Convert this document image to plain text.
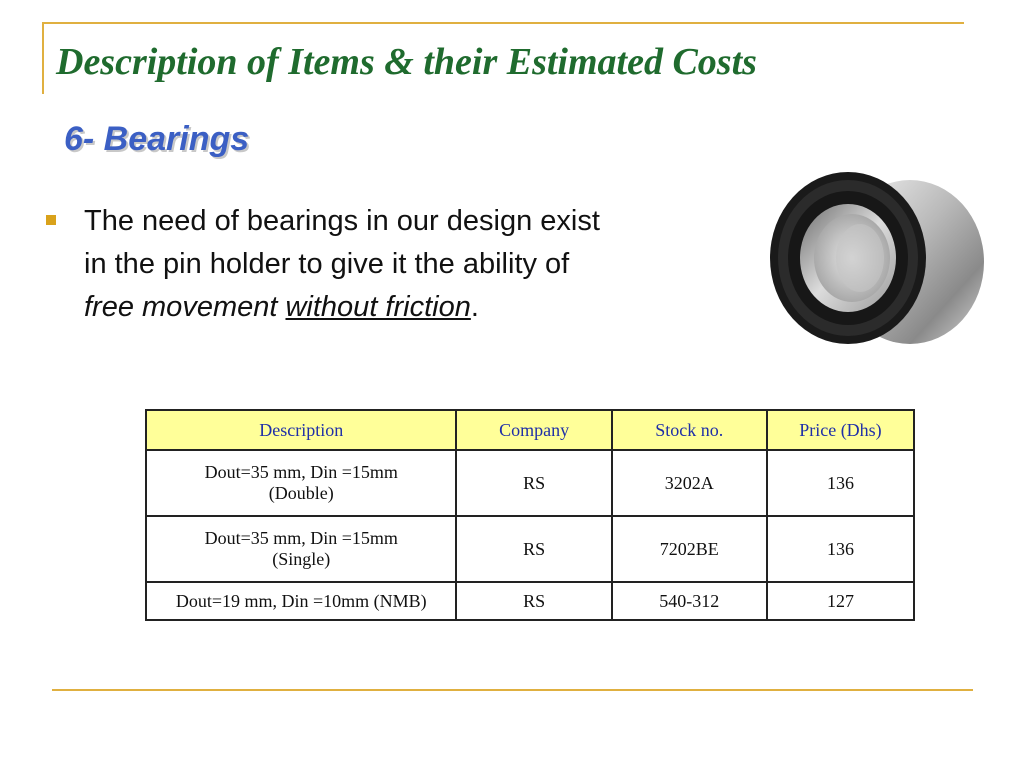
Description of Items & their Estimated Costs
6- Bearings
The need of bearings in our design exist
in the pin holder to give it the ability of
free movement without friction.
Description	Company	Stock no.	Price (Dhs)

Dout=35 mm, Din =15mm
(Double)	RS	3202A	136

Dout=35 mm, Din =15mm
(Single)	RS	7202BE	136
Dout=19 mm, Din =10mm (NMB)	RS	540-312	127
